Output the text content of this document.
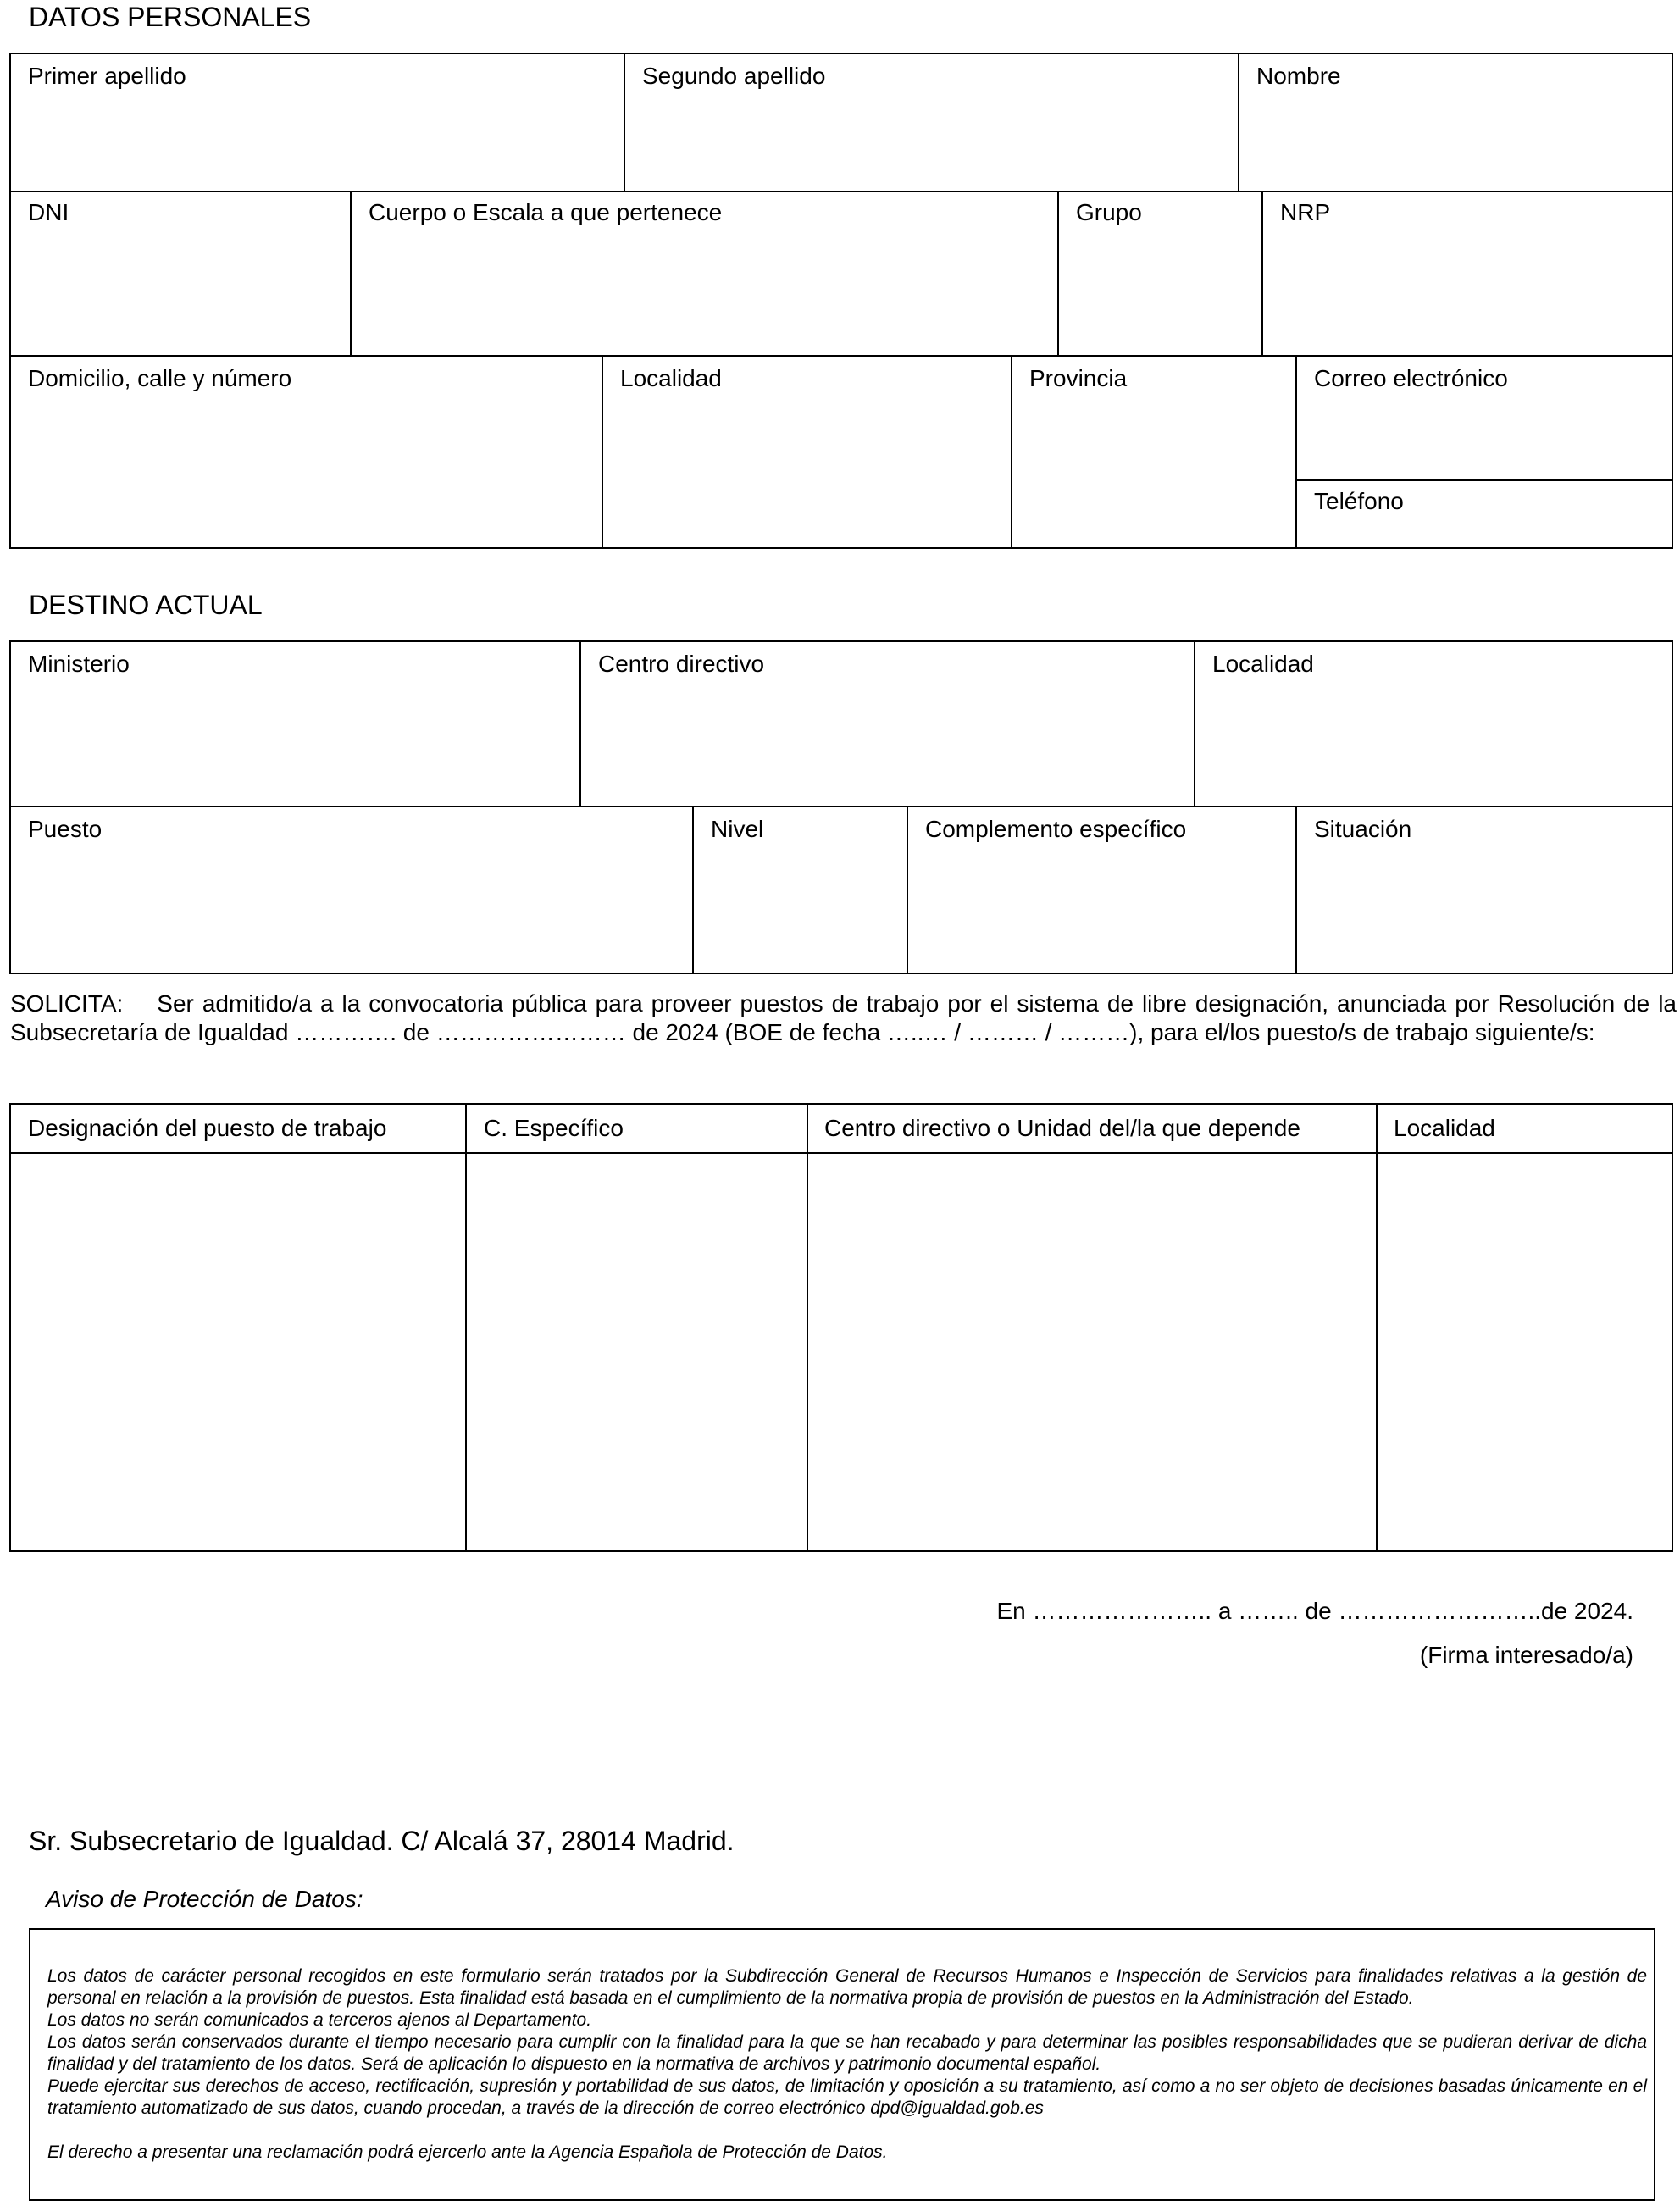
DATOS PERSONALES
Primer apellido	Segundo apellido	Nombre
DNI	Cuerpo o Escala a que pertenece	Grupo	NRP
Domicilio, calle y número	Localidad	Provincia	Correo electrónico
Teléfono
DESTINO ACTUAL
Ministerio	Centro directivo	Localidad
Puesto	Nivel	Complemento específico	Situación
SOLICITA: Ser admitido/a a la convocatoria pública para proveer puestos de trabajo por el sistema de libre designación, anunciada por Resolución de la Subsecretaría de Igualdad …………. de …………………… de 2024 (BOE de fecha …..… / ……… / ………), para el/los puesto/s de trabajo siguiente/s:
Designación del puesto de trabajo	C. Específico	Centro directivo o Unidad del/la que depende	Localidad
En ………………….. a …….. de ……………………..de 2024.
(Firma interesado/a)
Sr. Subsecretario de Igualdad. C/ Alcalá 37, 28014 Madrid.
Aviso de Protección de Datos:

Los datos de carácter personal recogidos en este formulario serán tratados por la Subdirección General de Recursos Humanos e Inspección de Servicios para finalidades relativas a la gestión de personal en relación a la provisión de puestos. Esta finalidad está basada en el cumplimiento de la normativa propia de provisión de puestos en la Administración del Estado.

Los datos no serán comunicados a terceros ajenos al Departamento.

Los datos serán conservados durante el tiempo necesario para cumplir con la finalidad para la que se han recabado y para determinar las posibles responsabilidades que se pudieran derivar de dicha finalidad y del tratamiento de los datos. Será de aplicación lo dispuesto en la normativa de archivos y patrimonio documental español.

Puede ejercitar sus derechos de acceso, rectificación, supresión y portabilidad de sus datos, de limitación y oposición a su tratamiento, así como a no ser objeto de decisiones basadas únicamente en el tratamiento automatizado de sus datos, cuando procedan, a través de la dirección de correo electrónico dpd@igualdad.gob.es

El derecho a presentar una reclamación podrá ejercerlo ante la Agencia Española de Protección de Datos.
